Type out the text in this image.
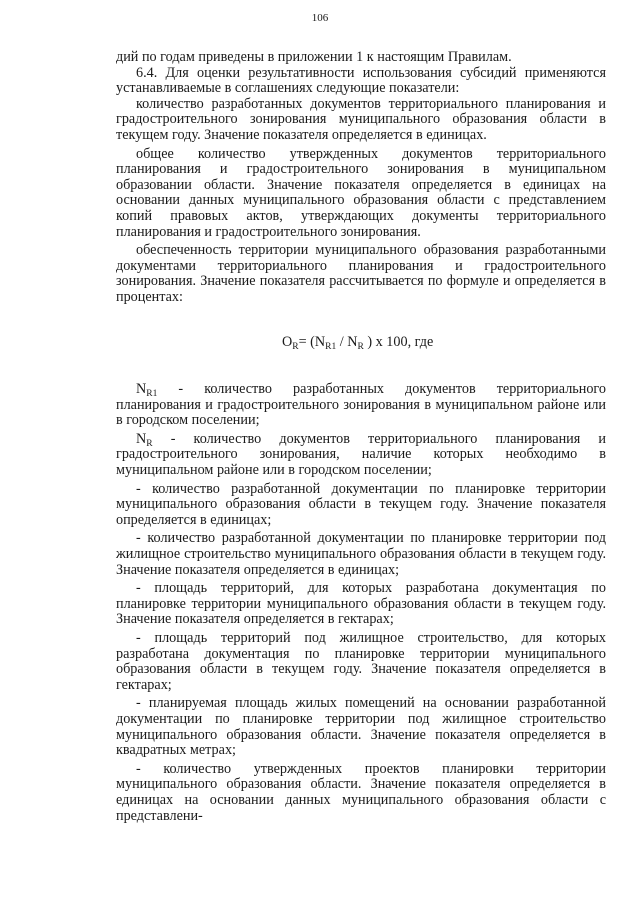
106

дий по годам приведены в приложении 1 к настоящим Правилам.

6.4. Для оценки результативности использования субсидий применяются устанавливаемые в соглашениях следующие показатели:

количество разработанных документов территориального планирования и градостроительного зонирования муниципального образования области в текущем году. Значение показателя определяется в единицах.

общее количество утвержденных документов территориального планирования и градостроительного зонирования в муниципальном образовании области. Значение показателя определяется в единицах на основании данных муниципального образования области с представлением копий правовых актов, утверждающих документы территориального планирования и градостроительного зонирования.

обеспеченность территории муниципального образования разработанными документами территориального планирования и градостроительного зонирования. Значение показателя рассчитывается по формуле и определяется в процентах:

$O_R= (N_{R1} / N_R$ ) x 100, где

$N_{R1}$ - количество разработанных документов территориального планирования и градостроительного зонирования в муниципальном районе или в городском поселении;

$N_R$ - количество документов территориального планирования и градостроительного зонирования, наличие которых необходимо в муниципальном районе или в городском поселении;

- количество разработанной документации по планировке территории муниципального образования области в текущем году. Значение показателя определяется в единицах;

- количество разработанной документации по планировке территории под жилищное строительство муниципального образования области в текущем году. Значение показателя определяется в единицах;

- площадь территорий, для которых разработана документация по планировке территории муниципального образования области в текущем году. Значение показателя определяется в гектарах;

- площадь территорий под жилищное строительство, для которых разработана документация по планировке территории муниципального образования области в текущем году. Значение показателя определяется в гектарах;

- планируемая площадь жилых помещений на основании разработанной документации по планировке территории под жилищное строительство муниципального образования области. Значение показателя определяется в квадратных метрах;

- количество утвержденных проектов планировки территории муниципального образования области. Значение показателя определяется в единицах на основании данных муниципального образования области с представлени-
